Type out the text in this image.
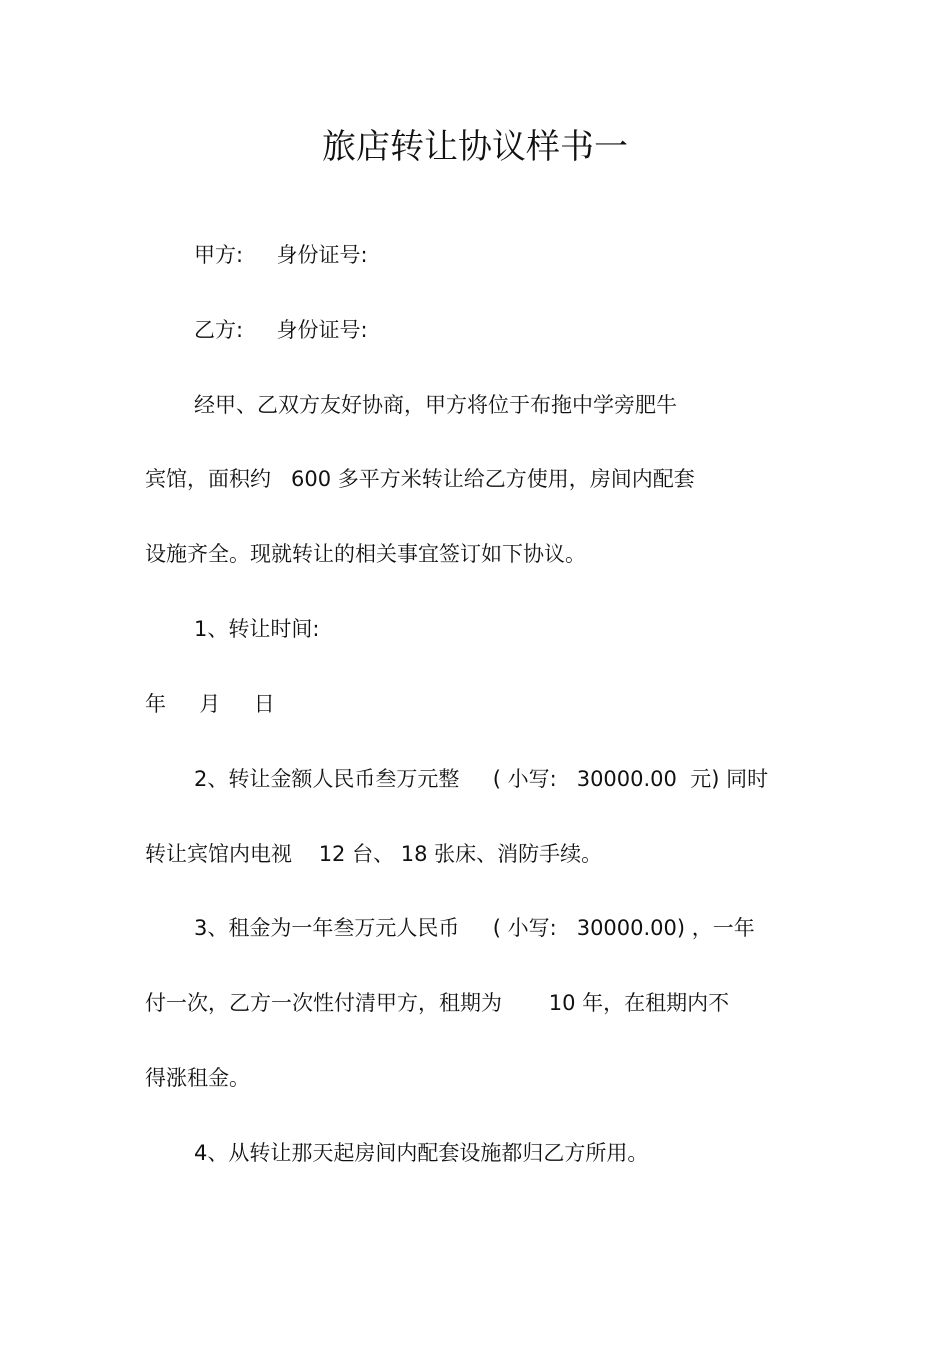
旅店转让协议样书一

甲方:     身份证号:

乙方:     身份证号:

经甲、乙双方友好协商，甲方将位于布拖中学旁肥牛

宾馆，面积约   600 多平方米转让给乙方使用，房间内配套

设施齐全。现就转让的相关事宜签订如下协议。

1、转让时间:

年     月     日

2、转让金额人民币叁万元整     ( 小写:   30000.00  元) 同时

转让宾馆内电视    12 台、 18 张床、消防手续。

3、租金为一年叁万元人民币     ( 小写:   30000.00) ，一年

付一次，乙方一次性付清甲方，租期为       10 年，在租期内不

得涨租金。

4、从转让那天起房间内配套设施都归乙方所用。
